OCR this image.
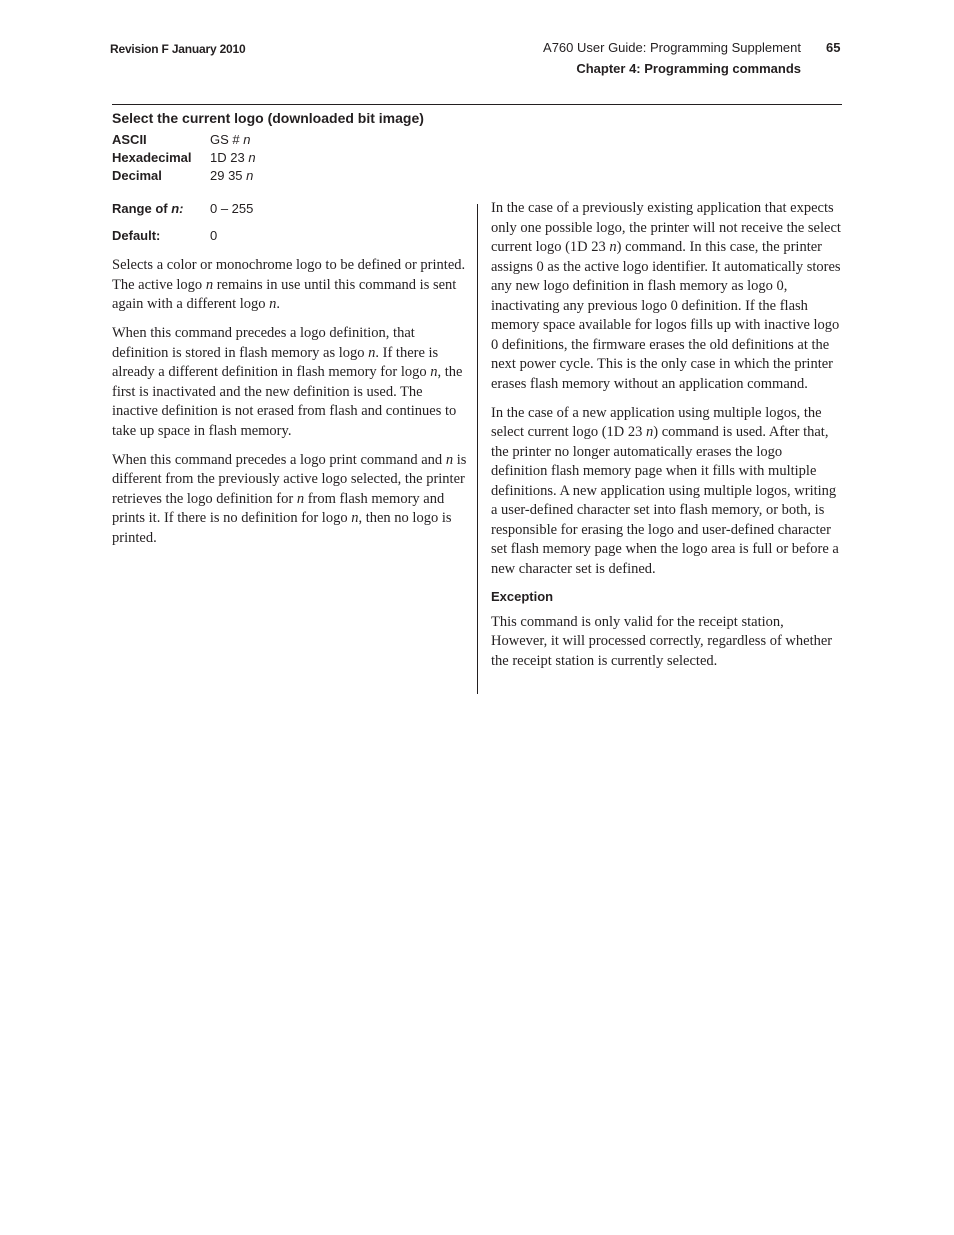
Revision F January 2010	A760 User Guide: Programming Supplement 65
Chapter 4: Programming commands
Select the current logo (downloaded bit image)
ASCII	GS # n
Hexadecimal 1D 23 n
Decimal	29 35 n
Range of n: 0 – 255
Default:	0

Selects a color or monochrome logo to be defined or printed. The active logo n remains in use until this command is sent again with a different logo n.

When this command precedes a logo definition, that definition is stored in flash memory as logo n. If there is already a different definition in flash memory for logo n, the first is inactivated and the new definition is used. The inactive definition is not erased from flash and continues to take up space in flash memory.

When this command precedes a logo print command and n is different from the previously active logo selected, the printer retrieves the logo definition for n from flash memory and prints it. If there is no definition for logo n, then no logo is printed.

In the case of a previously existing application that expects only one possible logo, the printer will not receive the select current logo (1D 23 n) command. In this case, the printer assigns 0 as the active logo identifier. It automatically stores any new logo definition in flash memory as logo 0, inactivating any previous logo 0 definition. If the flash memory space available for logos fills up with inactive logo 0 definitions, the firmware erases the old definitions at the next power cycle. This is the only case in which the printer erases flash memory without an application command.

In the case of a new application using multiple logos, the select current logo (1D 23 n) command is used. After that, the printer no longer automatically erases the logo definition flash memory page when it fills with multiple definitions. A new application using multiple logos, writing a user-defined character set into flash memory, or both, is responsible for erasing the logo and user-defined character set flash memory page when the logo area is full or before a new character set is defined.

Exception

This command is only valid for the receipt station, However, it will processed correctly, regardless of whether the receipt station is currently selected.
